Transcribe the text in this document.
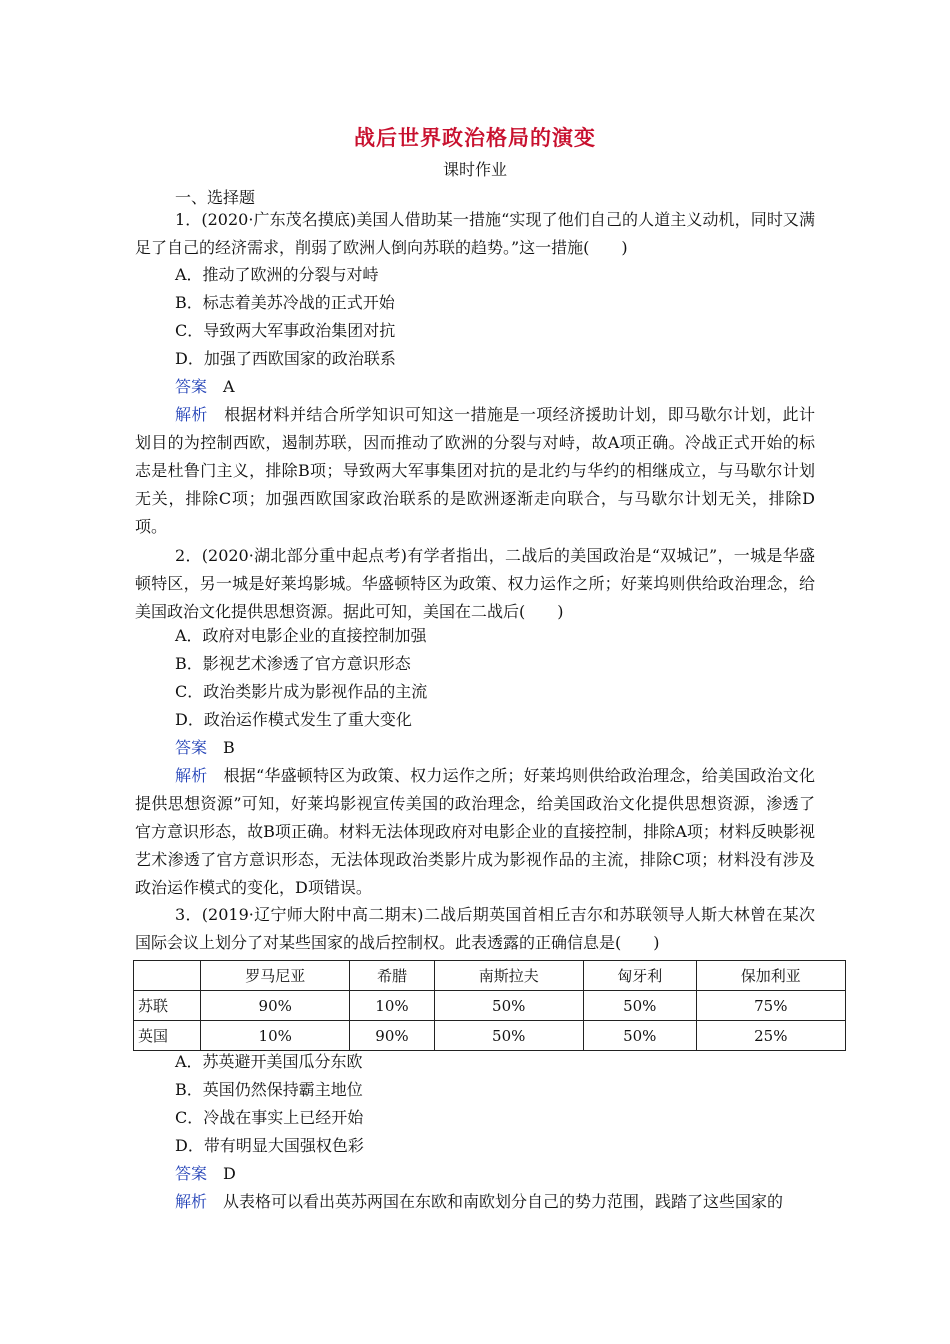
战后世界政治格局的演变
课时作业
一、选择题
1．(2020·广东茂名摸底)美国人借助某一措施“实现了他们自己的人道主义动机，同时又满足了自己的经济需求，削弱了欧洲人倒向苏联的趋势。”这一措施(　　)
A．推动了欧洲的分裂与对峙
B．标志着美苏冷战的正式开始
C．导致两大军事政治集团对抗
D．加强了西欧国家的政治联系
答案  A
解析  根据材料并结合所学知识可知这一措施是一项经济援助计划，即马歇尔计划，此计划目的为控制西欧，遏制苏联，因而推动了欧洲的分裂与对峙，故A项正确。冷战正式开始的标志是杜鲁门主义，排除B项；导致两大军事集团对抗的是北约与华约的相继成立，与马歇尔计划无关，排除C项；加强西欧国家政治联系的是欧洲逐渐走向联合，与马歇尔计划无关，排除D项。
2．(2020·湖北部分重中起点考)有学者指出，二战后的美国政治是“双城记”，一城是华盛顿特区，另一城是好莱坞影城。华盛顿特区为政策、权力运作之所；好莱坞则供给政治理念，给美国政治文化提供思想资源。据此可知，美国在二战后(　　)
A．政府对电影企业的直接控制加强
B．影视艺术渗透了官方意识形态
C．政治类影片成为影视作品的主流
D．政治运作模式发生了重大变化
答案  B
解析  根据“华盛顿特区为政策、权力运作之所；好莱坞则供给政治理念，给美国政治文化提供思想资源”可知，好莱坞影视宣传美国的政治理念，给美国政治文化提供思想资源，渗透了官方意识形态，故B项正确。材料无法体现政府对电影企业的直接控制，排除A项；材料反映影视艺术渗透了官方意识形态，无法体现政治类影片成为影视作品的主流，排除C项；材料没有涉及政治运作模式的变化，D项错误。
3．(2019·辽宁师大附中高二期末)二战后期英国首相丘吉尔和苏联领导人斯大林曾在某次国际会议上划分了对某些国家的战后控制权。此表透露的正确信息是(　　)
	罗马尼亚	希腊	南斯拉夫	匈牙利	保加利亚
苏联	90%	10%	50%	50%	75%
英国	10%	90%	50%	50%	25%
A．苏英避开美国瓜分东欧
B．英国仍然保持霸主地位
C．冷战在事实上已经开始
D．带有明显大国强权色彩
答案  D
解析  从表格可以看出英苏两国在东欧和南欧划分自己的势力范围，践踏了这些国家的
